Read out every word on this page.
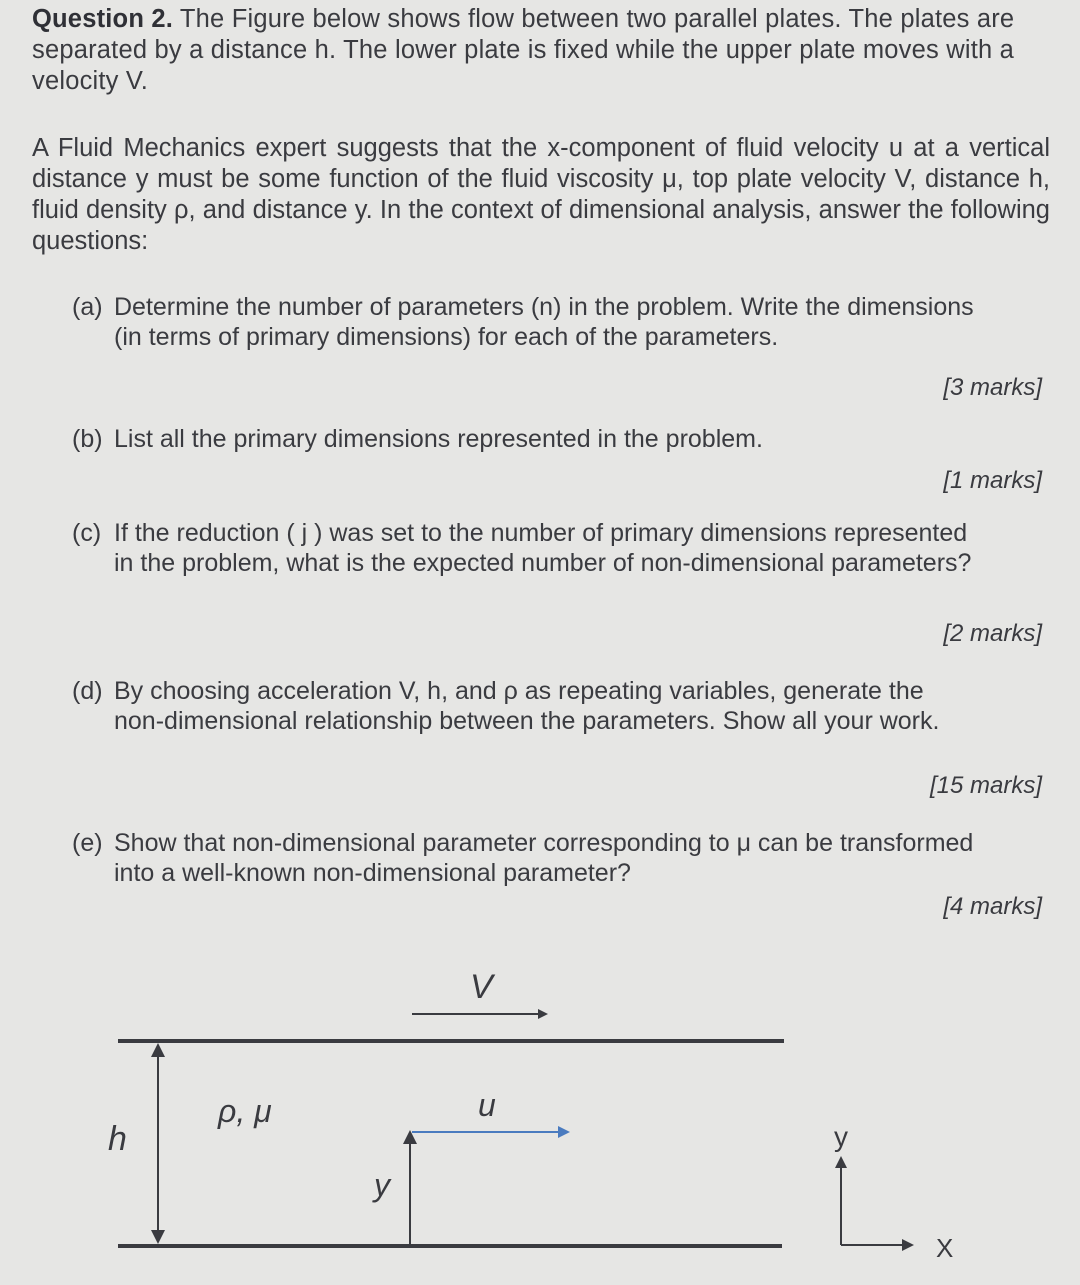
Question 2. The Figure below shows flow between two parallel plates. The plates are separated by a distance h. The lower plate is fixed while the upper plate moves with a velocity V.
A Fluid Mechanics expert suggests that the x-component of fluid velocity u at a vertical distance y must be some function of the fluid viscosity μ, top plate velocity V, distance h, fluid density ρ, and distance y. In the context of dimensional analysis, answer the following questions:
(a) Determine the number of parameters (n) in the problem. Write the dimensions
(in terms of primary dimensions) for each of the parameters.
[3 marks]
(b) List all the primary dimensions represented in the problem.
[1 marks]
(c) If the reduction ( j ) was set to the number of primary dimensions represented
in the problem, what is the expected number of non-dimensional parameters?
[2 marks]
(d) By choosing acceleration V, h, and ρ as repeating variables, generate the
non-dimensional relationship between the parameters. Show all your work.
[15 marks]
(e) Show that non-dimensional parameter corresponding to μ can be transformed
into a well-known non-dimensional parameter?
[4 marks]
V
h
ρ, μ
y
u
y
X
